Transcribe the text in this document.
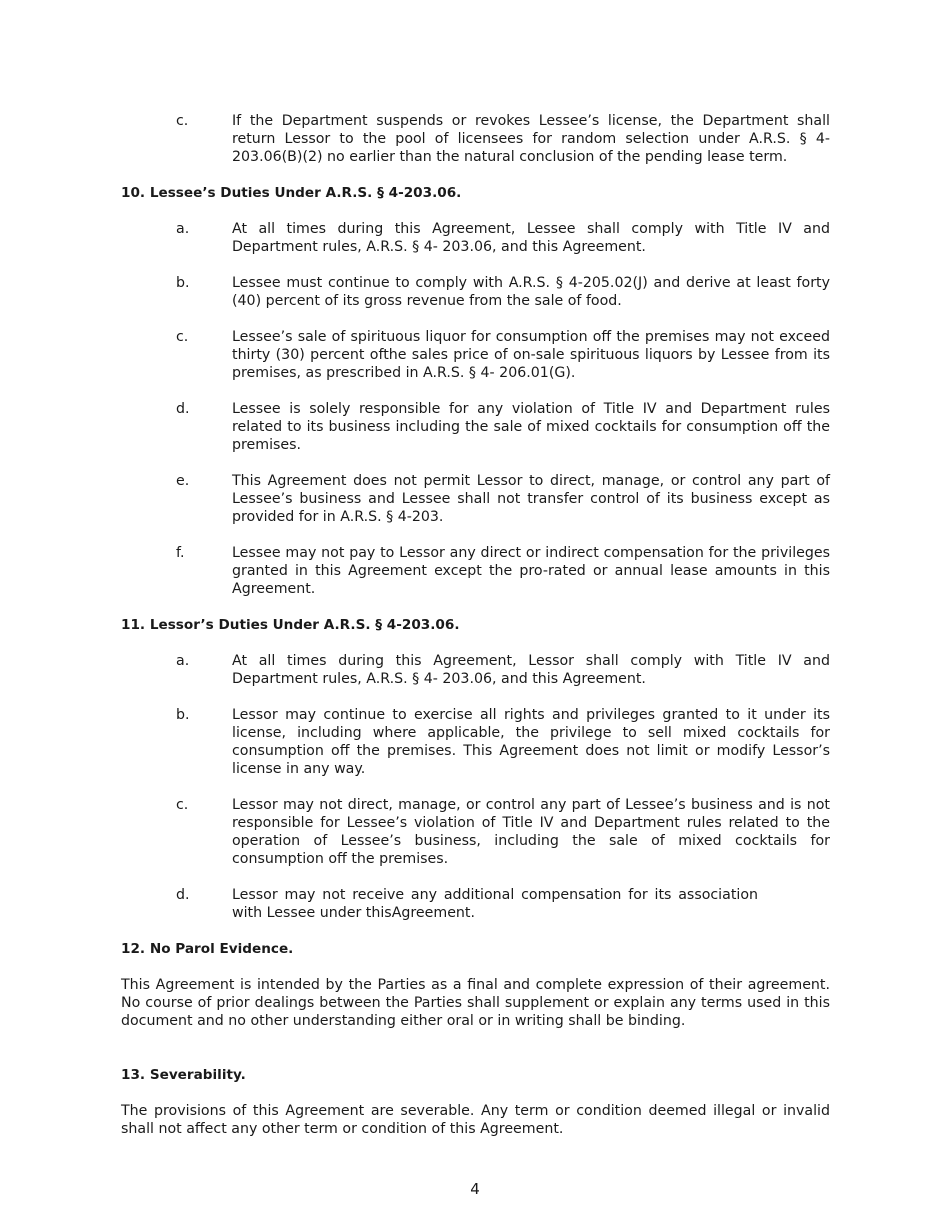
c.	If the Department suspends or revokes Lessee’s license, the Department shall return Lessor to the pool of licensees for random selection under A.R.S. § 4-203.06(B)(2) no earlier than the natural conclusion of the pending lease term.
10. Lessee’s Duties Under A.R.S. § 4-203.06.
a.	At all times during this Agreement, Lessee shall comply with Title IV and Department rules, A.R.S. § 4- 203.06, and this Agreement.
b.	Lessee must continue to comply with A.R.S. § 4-205.02(J) and derive at least forty (40) percent of its gross revenue from the sale of food.
c.	Lessee’s sale of spirituous liquor for consumption off the premises may not exceed thirty (30) percent ofthe sales price of on-sale spirituous liquors by Lessee from its premises, as prescribed in A.R.S. § 4- 206.01(G).
d.	Lessee is solely responsible for any violation of Title IV and Department rules related to its business including the sale of mixed cocktails for consumption off the premises.
e.	This Agreement does not permit Lessor to direct, manage, or control any part of Lessee’s business and Lessee shall not transfer control of its business except as provided for in A.R.S. § 4-203.
f.	Lessee may not pay to Lessor any direct or indirect compensation for the privileges granted in this Agreement except the pro-rated or annual lease amounts in this Agreement.
11. Lessor’s Duties Under A.R.S. § 4-203.06.
a.	At all times during this Agreement, Lessor shall comply with Title IV and Department rules, A.R.S. § 4- 203.06, and this Agreement.
b.	Lessor may continue to exercise all rights and privileges granted to it under its license, including where applicable, the privilege to sell mixed cocktails for consumption off the premises. This Agreement does not limit or modify Lessor’s license in any way.
c.	Lessor may not direct, manage, or control any part of Lessee’s business and is not responsible for Lessee’s violation of Title IV and Department rules related to the operation of Lessee’s business, including the sale of mixed cocktails for consumption off the premises.
d.	Lessor may not receive any additional compensation for its association
with Lessee under thisAgreement.
12. No Parol Evidence.
This Agreement is intended by the Parties as a final and complete expression of their agreement. No course of prior dealings between the Parties shall supplement or explain any terms used in this document and no other understanding either oral or in writing shall be binding.
13. Severability.
The provisions of this Agreement are severable. Any term or condition deemed illegal or invalid shall not affect any other term or condition of this Agreement.
4
